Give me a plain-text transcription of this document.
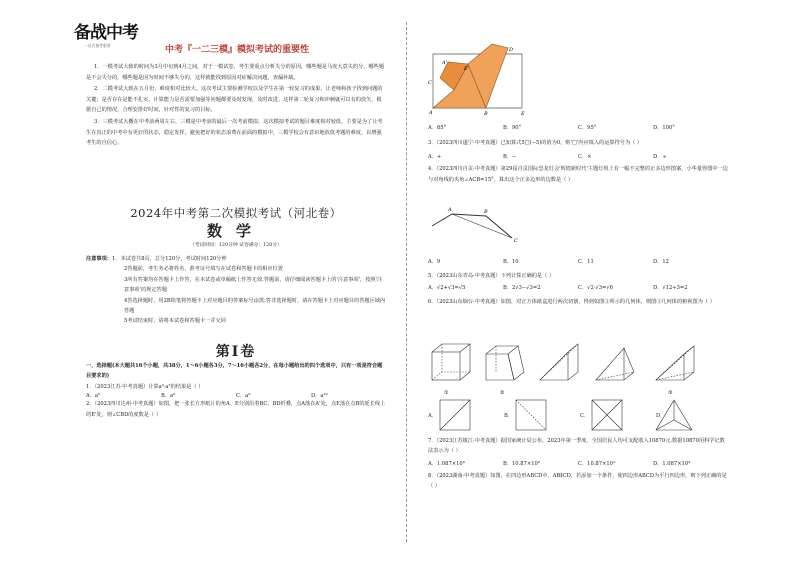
备战中考
一站式备考服务	中考『一二三模』模拟考试的重要性

1．一模考试大致的时间为3月中旬到4月之间。对于一模试卷，考生要重点分析失分的原因，哪些题是马虎大意失的分，哪些题是不会失分的，哪些题是因为时间不够失分的，这样就能找到原因对症解决问题，查漏补缺。

2．二模考试大致在五月份，难度相对比较大。这次考试主要检测学校以及学生在第一轮复习的成果，让老师和孩子找到问题的关键；是否存在是能不扎实，计算能力是否需要加强等问题都要及时发现，及时改进。这样第二轮复习和冲刺就可以有的放矢，根据自己的情况，合理安排好时间，针对性的复习的目标。

3．三模考试大概在中考前两周左右，三模是中考前的最后一次考前模拟，这次模拟考试的题目难度相对较低，主要是为了让考生在真正的中考中有更好的状态，稳定发挥，避免把好的状态浪费在前面的模拟中，三模学校会有意识地放低考题的难度，以增强考生的自信心。

2024年中考第二次模拟考试（河北卷）
数学
（考试时间：120分钟 试卷满分：120分）

注意事项：1．本试卷共8页，总分120分，考试时间120分钟

2答题前，考生务必将姓名、准考证号填写在试卷和答题卡的相应位置

3所有答案均在答题卡上作答，在本试卷或草稿纸上作答无效.答题前，请仔细阅读答题卡上的'注意事项'，按照'注意事项'的规定答题

4答选择题时，用2B铅笔将答题卡上对应题目的答案标号涂黑;答非选择题时，请在答题卡上对应题目的答题区域内答题

5考试结束时，请将本试卷和答题卡一并交回

第Ⅰ卷

一、选择题(本大题共16个小题，共38分，1～6小题各3分，7～16小题各2分，在每小题给出的四个选项中，只有一项是符合题目要求的)

1．（2023江苏·中考真题）计算a²·a³的结果是（ ）

A．a⁵	B．a⁶	C．a⁹	D．a¹⁰

2．（2023四川达州·中考真题）如图，把一张长方形纸片的角A、E分别沿着BC、BD折叠，点A落在A'处，点E落在点B的延长线上的E'处，则∠CBD的度数是（ ）

A	B
C
D
E
A'
E'
A．85°	B．90°	C．95°	D．100°

3．（2023四川遂宁·中考真题）已知算式5□(−5)的值为0，则'□'内应填入的运算符号为（ ）

A．+	B．−	C．×	D．÷

4．（2023四川自贡·中考真题）第29届自贡国际恐龙灯会'辉煌新时代'主题灯组上有一幅不完整的正多边形图案，小华量得图中一边与对角线的夹角∠ACB=15°，算出这个正多边形的边数是（ ）

A	B
C
A．9	B．10	C．11	D．12

5．（2023山东青岛·中考真题）下列计算正确的是（ ）

A．√2+√3=√5	B．2√3−√3=2	C．√2·√3=√6	D．√12÷3=2

6．（2023山东烟台·中考真题）如图，对正方体纸盒进行两次切割，得到如图③所示的几何体，则图③几何体的俯视图为（ ）

①	②	③
A．	B．	C．	D．

7．（2023江苏镇江·中考真题）据国家统计局公布，2023年第一季度，全国居民人均可支配收入10870元.数据10870用科学记数法表示为（ ）

A．1.087×10⁴	B．10.87×10³	C．10.87×10²	D．1.087×10³

8．（2023湖南·中考真题）如图，在四边形ABCD中，AB∥CD，若添加一个条件，使四边形ABCD为平行四边形，则下列正确的是（ ）
